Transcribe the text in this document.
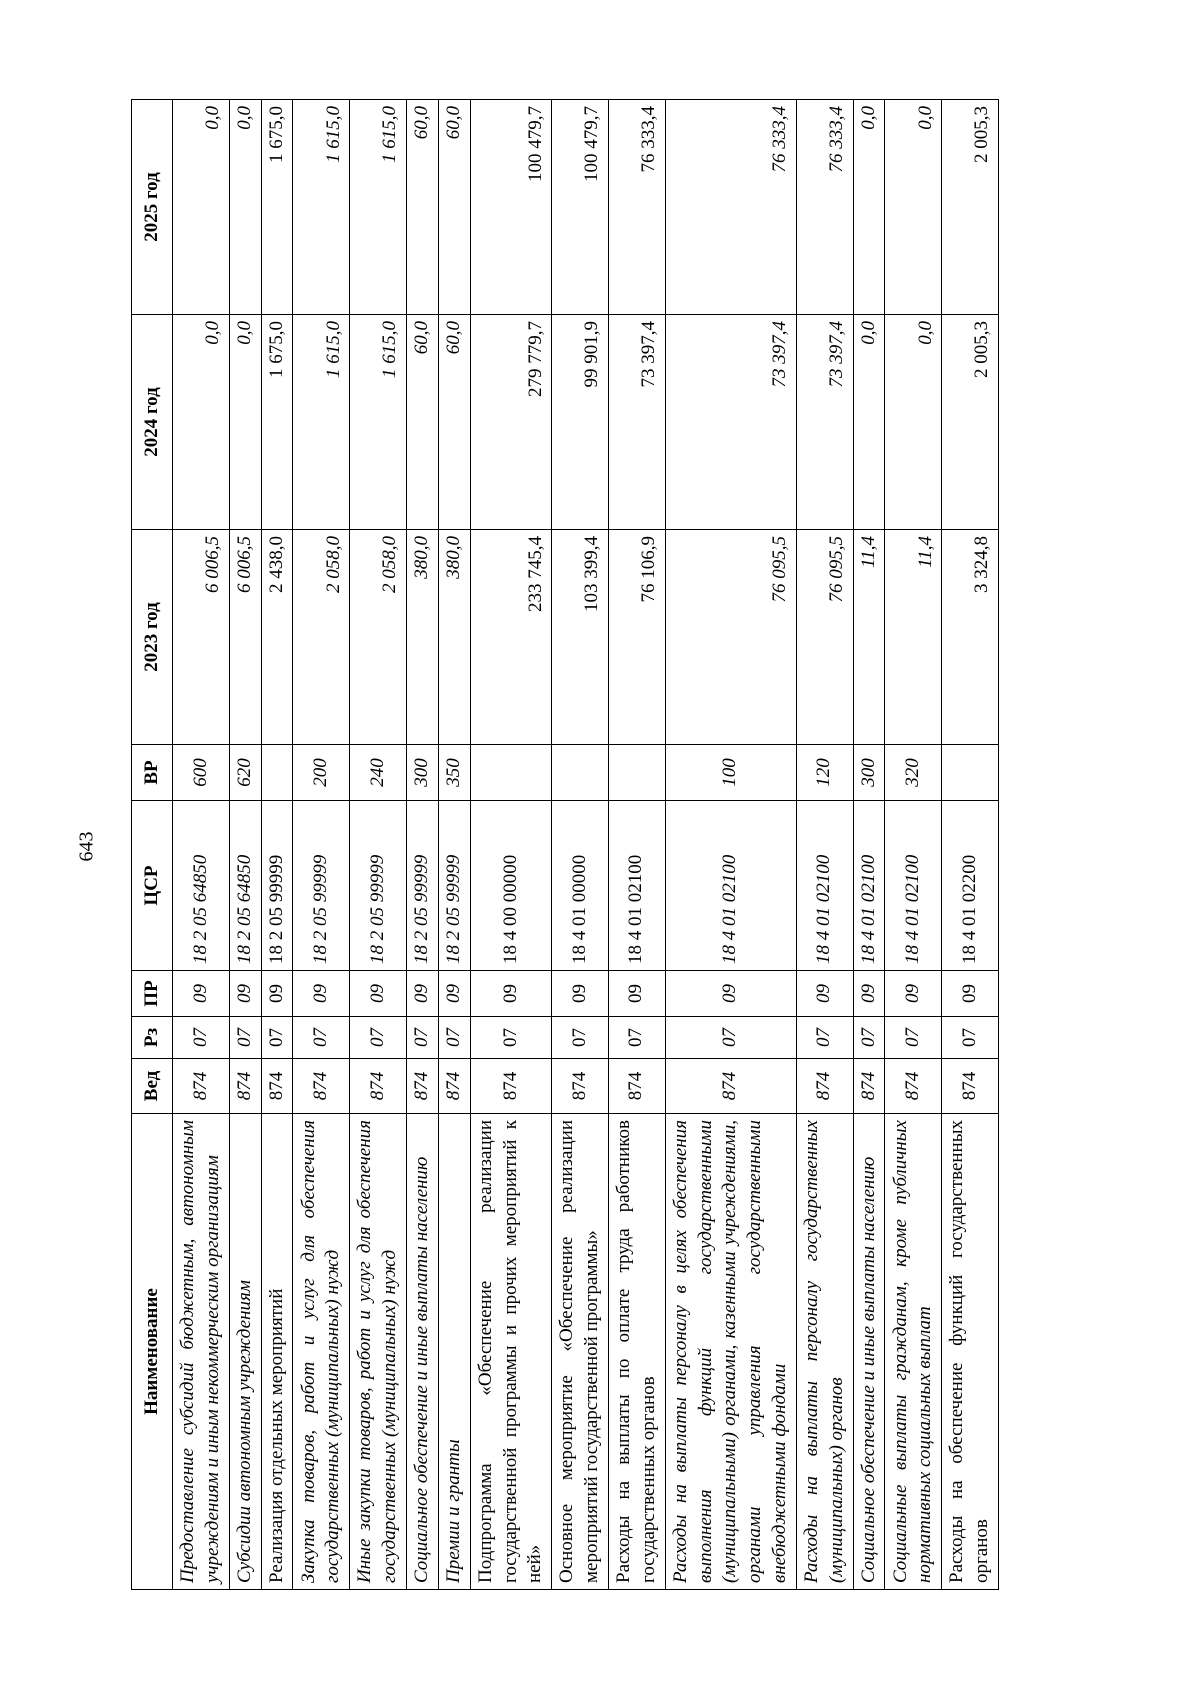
643
Наименование	Вед	Рз	ПР	ЦСР	ВР	2023 год	2024 год	2025 год
Предоставление субсидий бюджетным, автономным учреждениям и иным некоммерческим организациям	874	07	09	18 2 05 64850	600	6 006,5	0,0	0,0
Субсидии автономным учреждениям	874	07	09	18 2 05 64850	620	6 006,5	0,0	0,0
Реализация отдельных мероприятий	874	07	09	18 2 05 99999		2 438,0	1 675,0	1 675,0
Закупка товаров, работ и услуг для обеспечения государственных (муниципальных) нужд	874	07	09	18 2 05 99999	200	2 058,0	1 615,0	1 615,0
Иные закупки товаров, работ и услуг для обеспечения государственных (муниципальных) нужд	874	07	09	18 2 05 99999	240	2 058,0	1 615,0	1 615,0
Социальное обеспечение и иные выплаты населению	874	07	09	18 2 05 99999	300	380,0	60,0	60,0
Премии и гранты	874	07	09	18 2 05 99999	350	380,0	60,0	60,0
Подпрограмма «Обеспечение реализации государственной программы и прочих мероприятий к ней»	874	07	09	18 4 00 00000		233 745,4	279 779,7	100 479,7
Основное мероприятие «Обеспечение реализации мероприятий государственной программы»	874	07	09	18 4 01 00000		103 399,4	99 901,9	100 479,7
Расходы на выплаты по оплате труда работников государственных органов	874	07	09	18 4 01 02100		76 106,9	73 397,4	76 333,4
Расходы на выплаты персоналу в целях обеспечения выполнения функций государственными (муниципальными) органами, казенными учреждениями, органами управления государственными внебюджетными фондами	874	07	09	18 4 01 02100	100	76 095,5	73 397,4	76 333,4
Расходы на выплаты персоналу государственных (муниципальных) органов	874	07	09	18 4 01 02100	120	76 095,5	73 397,4	76 333,4
Социальное обеспечение и иные выплаты населению	874	07	09	18 4 01 02100	300	11,4	0,0	0,0
Социальные выплаты гражданам, кроме публичных нормативных социальных выплат	874	07	09	18 4 01 02100	320	11,4	0,0	0,0
Расходы на обеспечение функций государственных органов	874	07	09	18 4 01 02200		3 324,8	2 005,3	2 005,3
